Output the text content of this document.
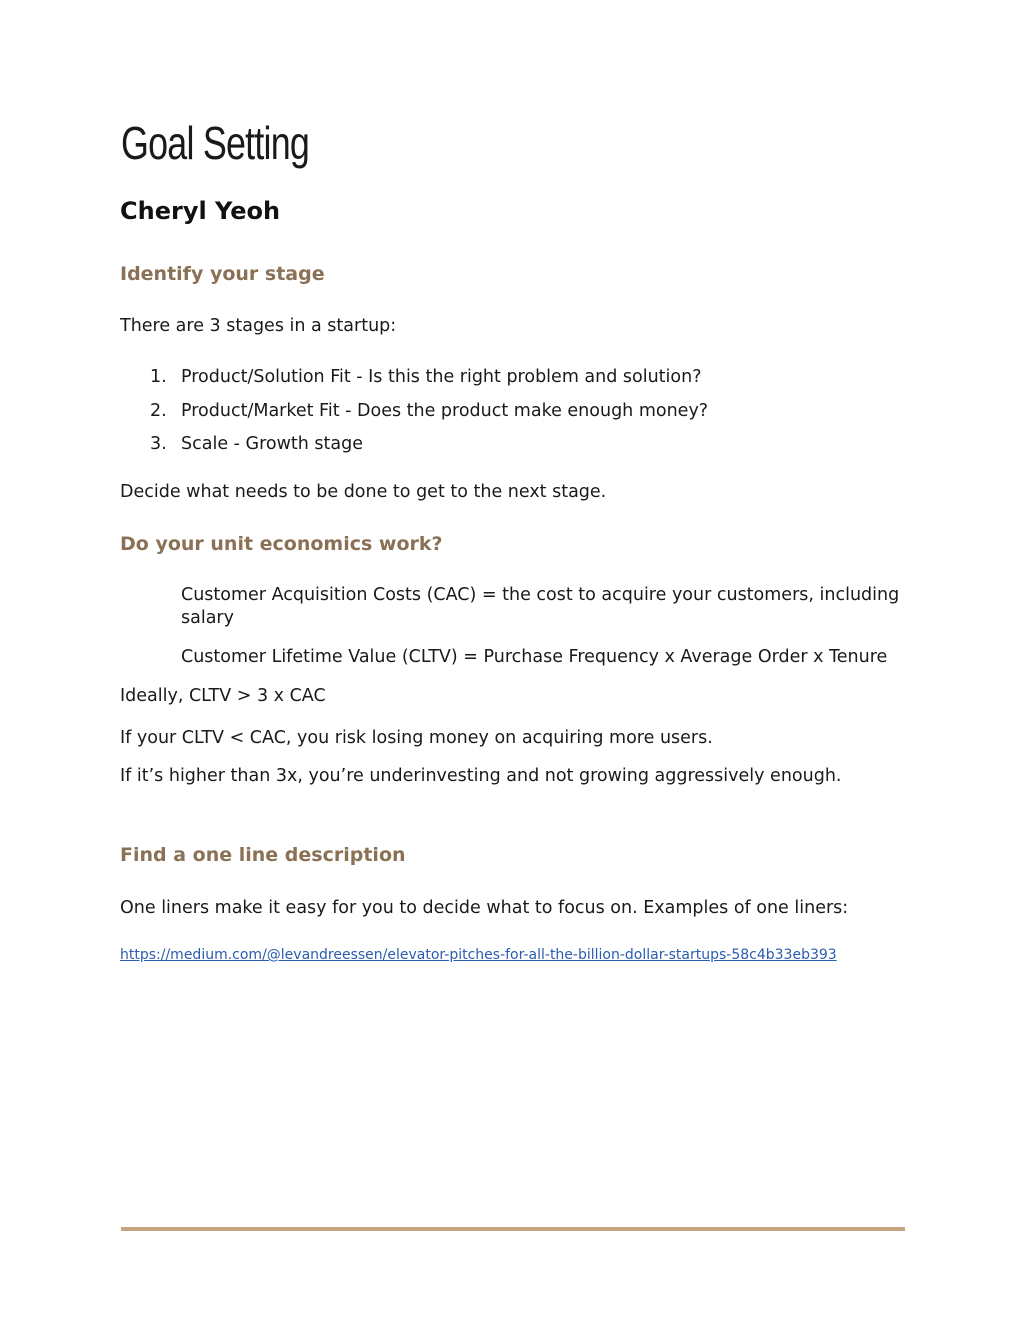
Goal Setting
Cheryl Yeoh
Identify your stage

There are 3 stages in a startup:

1. Product/Solution Fit - Is this the right problem and solution?
2. Product/Market Fit - Does the product make enough money?
3. Scale - Growth stage

Decide what needs to be done to get to the next stage.

Do your unit economics work?

Customer Acquisition Costs (CAC) = the cost to acquire your customers, including salary

Customer Lifetime Value (CLTV) = Purchase Frequency x Average Order x Tenure

Ideally, CLTV > 3 x CAC

If your CLTV < CAC, you risk losing money on acquiring more users.

If it’s higher than 3x, you’re underinvesting and not growing aggressively enough.

Find a one line description

One liners make it easy for you to decide what to focus on. Examples of one liners:

https://medium.com/@levandreessen/elevator-pitches-for-all-the-billion-dollar-startups-58c4b33eb393
